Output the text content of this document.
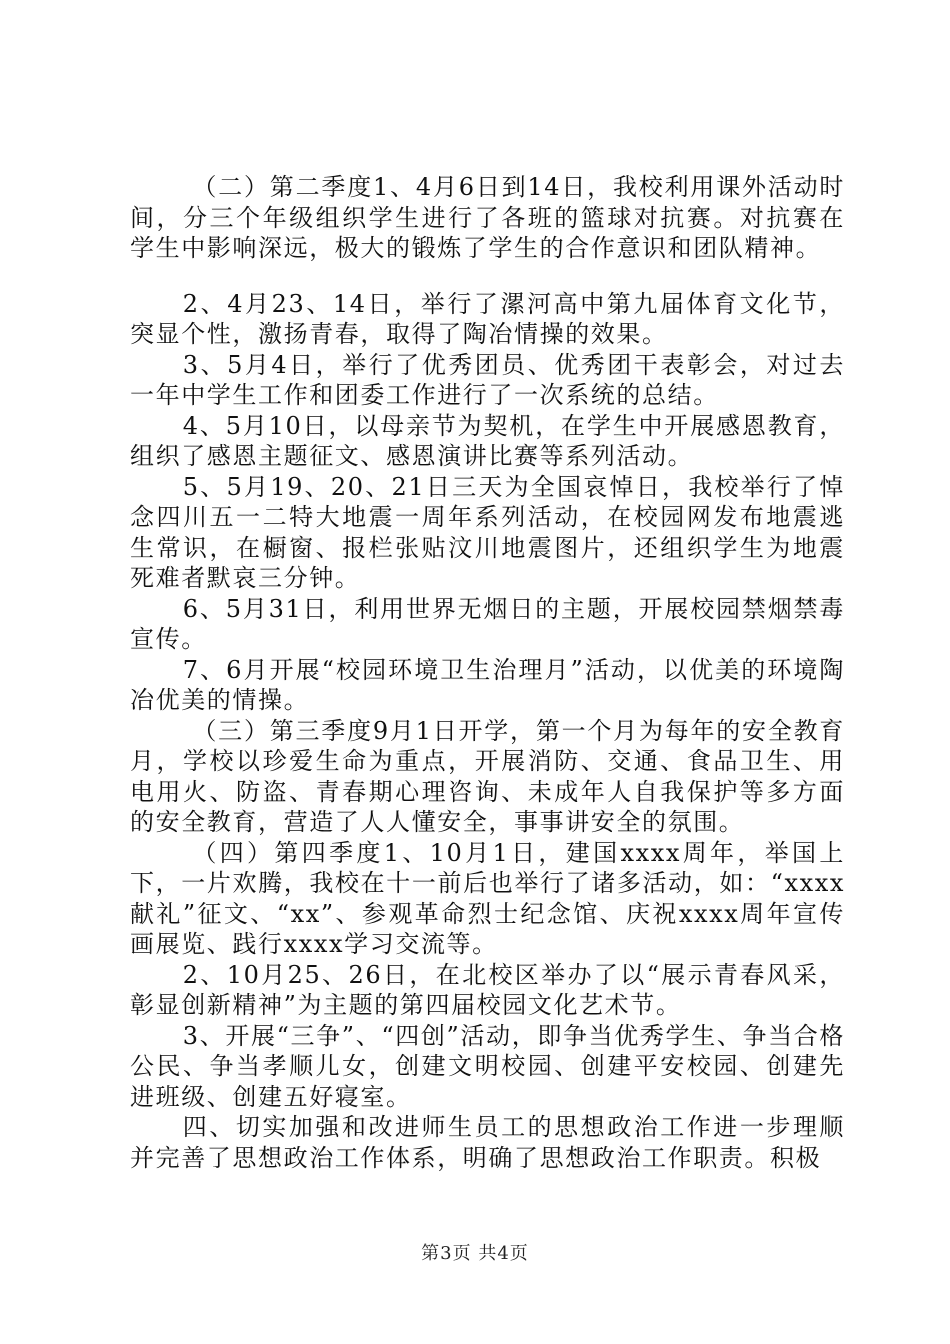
（二）第二季度1、4月6日到14日，我校利用课外活动时间，分三个年级组织学生进行了各班的篮球对抗赛。对抗赛在学生中影响深远，极大的锻炼了学生的合作意识和团队精神。

2、4月23、14日，举行了漯河高中第九届体育文化节，突显个性，激扬青春，取得了陶冶情操的效果。

3、5月4日，举行了优秀团员、优秀团干表彰会，对过去一年中学生工作和团委工作进行了一次系统的总结。

4、5月10日，以母亲节为契机，在学生中开展感恩教育，组织了感恩主题征文、感恩演讲比赛等系列活动。

5、5月19、20、21日三天为全国哀悼日，我校举行了悼念四川五一二特大地震一周年系列活动，在校园网发布地震逃生常识，在橱窗、报栏张贴汶川地震图片，还组织学生为地震死难者默哀三分钟。

6、5月31日，利用世界无烟日的主题，开展校园禁烟禁毒宣传。

7、6月开展“校园环境卫生治理月”活动，以优美的环境陶冶优美的情操。

（三）第三季度9月1日开学，第一个月为每年的安全教育月，学校以珍爱生命为重点，开展消防、交通、食品卫生、用电用火、防盗、青春期心理咨询、未成年人自我保护等多方面的安全教育，营造了人人懂安全，事事讲安全的氛围。

（四）第四季度1、10月1日，建国xxxx周年，举国上下，一片欢腾，我校在十一前后也举行了诸多活动，如：“xxxx献礼”征文、“xx”、参观革命烈士纪念馆、庆祝xxxx周年宣传画展览、践行xxxx学习交流等。

2、10月25、26日，在北校区举办了以“展示青春风采，彰显创新精神”为主题的第四届校园文化艺术节。

3、开展“三争”、“四创”活动，即争当优秀学生、争当合格公民、争当孝顺儿女，创建文明校园、创建平安校园、创建先进班级、创建五好寝室。

四、切实加强和改进师生员工的思想政治工作进一步理顺并完善了思想政治工作体系，明确了思想政治工作职责。积极

第3页 共4页
